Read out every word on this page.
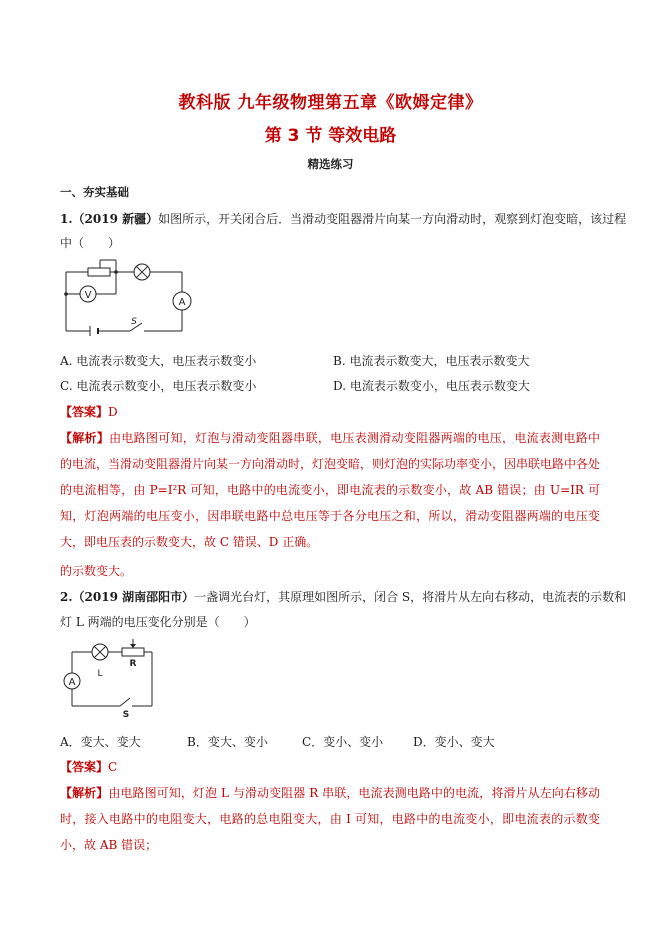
教科版 九年级物理第五章《欧姆定律》
第 3 节 等效电路
精选练习
一、夯实基础
1.（2019 新疆）如图所示，开关闭合后．当滑动变阻器滑片向某一方向滑动时，观察到灯泡变暗，该过程
中（　　）
V
A
S
A. 电流表示数变大，电压表示数变小	B. 电流表示数变大，电压表示数变大
C. 电流表示数变小，电压表示数变小	D. 电流表示数变小，电压表示数变大
【答案】D
【解析】由电路图可知，灯泡与滑动变阻器串联，电压表测滑动变阻器两端的电压，电流表测电路中的电流，当滑动变阻器滑片向某一方向滑动时，灯泡变暗，则灯泡的实际功率变小，因串联电路中各处的电流相等，由 P=I²R 可知，电路中的电流变小，即电流表的示数变小，故 AB 错误；由 U=IR 可知，灯泡两端的电压变小，因串联电路中总电压等于各分电压之和，所以，滑动变阻器两端的电压变大，即电压表的示数变大，故 C 错误、D 正确。
的示数变大。
2.（2019 湖南邵阳市）一盏调光台灯，其原理如图所示，闭合 S，将滑片从左向右移动，电流表的示数和
灯 L 两端的电压变化分别是（　　）
R
L
A
S
A．变大、变大	B．变大、变小	C．变小、变小 D．变小、变大
【答案】C
【解析】由电路图可知，灯泡 L 与滑动变阻器 R 串联，电流表测电路中的电流，将滑片从左向右移动时，接入电路中的电阻变大，电路的总电阻变大，由 I 可知，电路中的电流变小，即电流表的示数变小，故 AB 错误；
